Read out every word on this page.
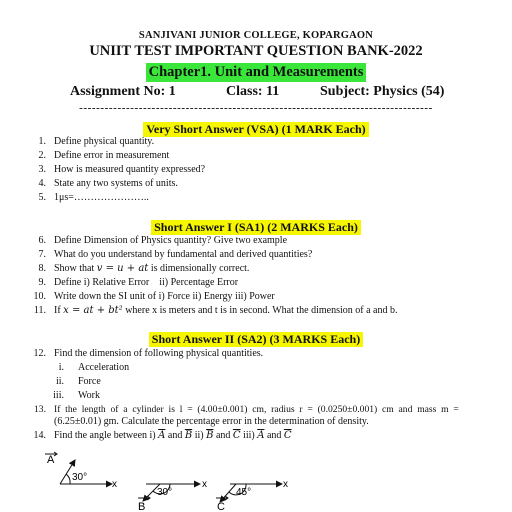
SANJIVANI JUNIOR COLLEGE, KOPARGAON
UNIIT TEST IMPORTANT QUESTION BANK-2022
Chapter1. Unit and Measurements
Assignment No: 1	Class: 11	Subject: Physics (54)
-----------------------------------------------------------------------------------
Very Short Answer (VSA) (1 MARK Each)
1. Define physical quantity.
2. Define error in measurement
3. How is measured quantity expressed?
4. State any two systems of units.
5. 1μs=…………………..
Short Answer I (SA1) (2 MARKS Each)
6. Define Dimension of Physics quantity? Give two example
7. What do you understand by fundamental and derived quantities?
8. Show that v = u + at is dimensionally correct.
9. Define i) Relative Error    ii) Percentage Error
10. Write down the SI unit of i) Force ii) Energy iii) Power
11. If x = at + bt² where x is meters and t is in second. What the dimension of a and b.
Short Answer II (SA2) (3 MARKS Each)
12. Find the dimension of following physical quantities.
i. Acceleration
ii. Force
iii. Work
13. If  the  length  of  a  cylinder  is  l  =  (4.00±0.001)  cm,  radius  r  =  (0.0250±0.001)  cm  and  mass  m  =
(6.25±0.01) gm. Calculate the percentage error in the determination of density.
14. Find the angle between i) $\overline{A}$ and $\overline{B}$ ii) $\overline{B}$ and $\overline{C}$ iii) $\overline{A}$ and $\overline{C}$
A
30°
x
B
30°
x
C
45°
x
